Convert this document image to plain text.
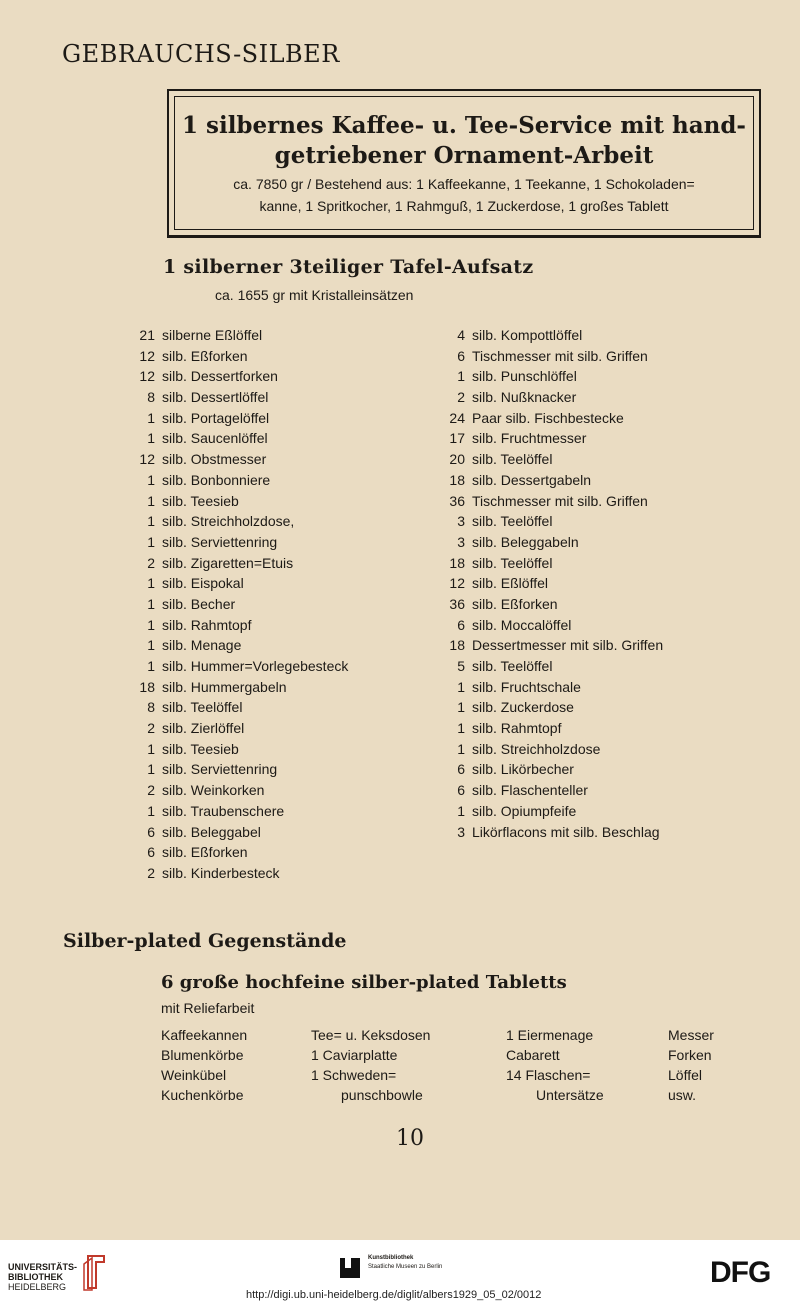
GEBRAUCHS-SILBER
1 silbernes Kaffee- u. Tee-Service mit hand-
getriebener Ornament-Arbeit
ca. 7850 gr / Bestehend aus: 1 Kaffeekanne, 1 Teekanne, 1 Schokoladen=
kanne, 1 Spritkocher, 1 Rahmguß, 1 Zuckerdose, 1 großes Tablett
1 silberner 3teiliger Tafel-Aufsatz
ca. 1655 gr mit Kristalleinsätzen
21 silberne Eßlöffel
12 silb. Eßforken
12 silb. Dessertforken
8 silb. Dessertlöffel
1 silb. Portagelöffel
1 silb. Saucenlöffel
12 silb. Obstmesser
1 silb. Bonbonniere
1 silb. Teesieb
1 silb. Streichholzdose,
1 silb. Serviettenring
2 silb. Zigaretten=Etuis
1 silb. Eispokal
1 silb. Becher
1 silb. Rahmtopf
1 silb. Menage
1 silb. Hummer=Vorlegebesteck
18 silb. Hummergabeln
8 silb. Teelöffel
2 silb. Zierlöffel
1 silb. Teesieb
1 silb. Serviettenring
2 silb. Weinkorken
1 silb. Traubenschere
6 silb. Beleggabel
6 silb. Eßforken
2 silb. Kinderbesteck
4 silb. Kompottlöffel
6 Tischmesser mit silb. Griffen
1 silb. Punschlöffel
2 silb. Nußknacker
24 Paar silb. Fischbestecke
17 silb. Fruchtmesser
20 silb. Teelöffel
18 silb. Dessertgabeln
36 Tischmesser mit silb. Griffen
3 silb. Teelöffel
3 silb. Beleggabeln
18 silb. Teelöffel
12 silb. Eßlöffel
36 silb. Eßforken
6 silb. Moccalöffel
18 Dessertmesser mit silb. Griffen
5 silb. Teelöffel
1 silb. Fruchtschale
1 silb. Zuckerdose
1 silb. Rahmtopf
1 silb. Streichholzdose
6 silb. Likörbecher
6 silb. Flaschenteller
1 silb. Opiumpfeife
3 Likörflacons mit silb. Beschlag
Silber-plated Gegenstände
6 große hochfeine silber-plated Tabletts
mit Reliefarbeit
Kaffeekannen
Blumenkörbe
Weinkübel
Kuchenkörbe
Tee= u. Keksdosen
1 Caviarplatte
1 Schweden=
punschbowle
1 Eiermenage
Cabarett
14 Flaschen=
Untersätze
Messer
Forken
Löffel
usw.
10
UNIVERSITÄTS-
BIBLIOTHEK
HEIDELBERG
Kunstbibliothek
Staatliche Museen zu Berlin	DFG
http://digi.ub.uni-heidelberg.de/diglit/albers1929_05_02/0012
